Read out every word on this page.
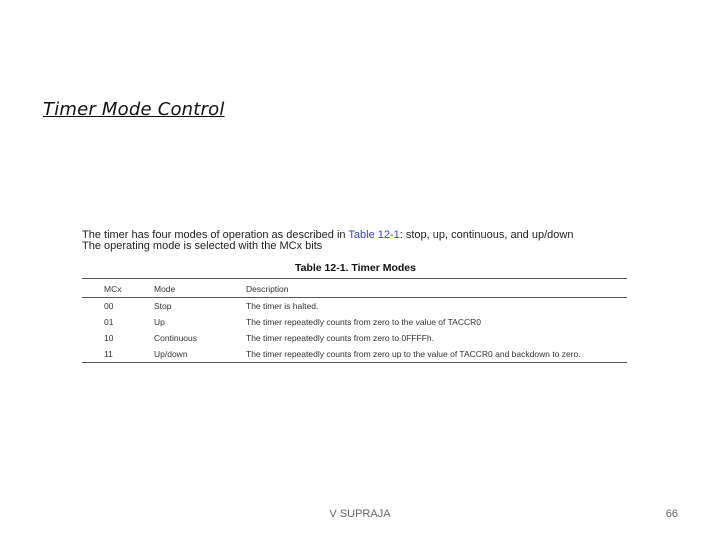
Timer Mode Control
The timer has four modes of operation as described in Table 12-1: stop, up, continuous, and up/down
The operating mode is selected with the MCx bits
Table 12-1. Timer Modes
MCx	Mode	Description
00	Stop	The timer is halted.
01	Up	The timer repeatedly counts from zero to the value of TACCR0
10	Continuous	The timer repeatedly counts from zero to 0FFFFh.
11	Up/down	The timer repeatedly counts from zero up to the value of TACCR0 and backdown to zero.
V SUPRAJA	66
